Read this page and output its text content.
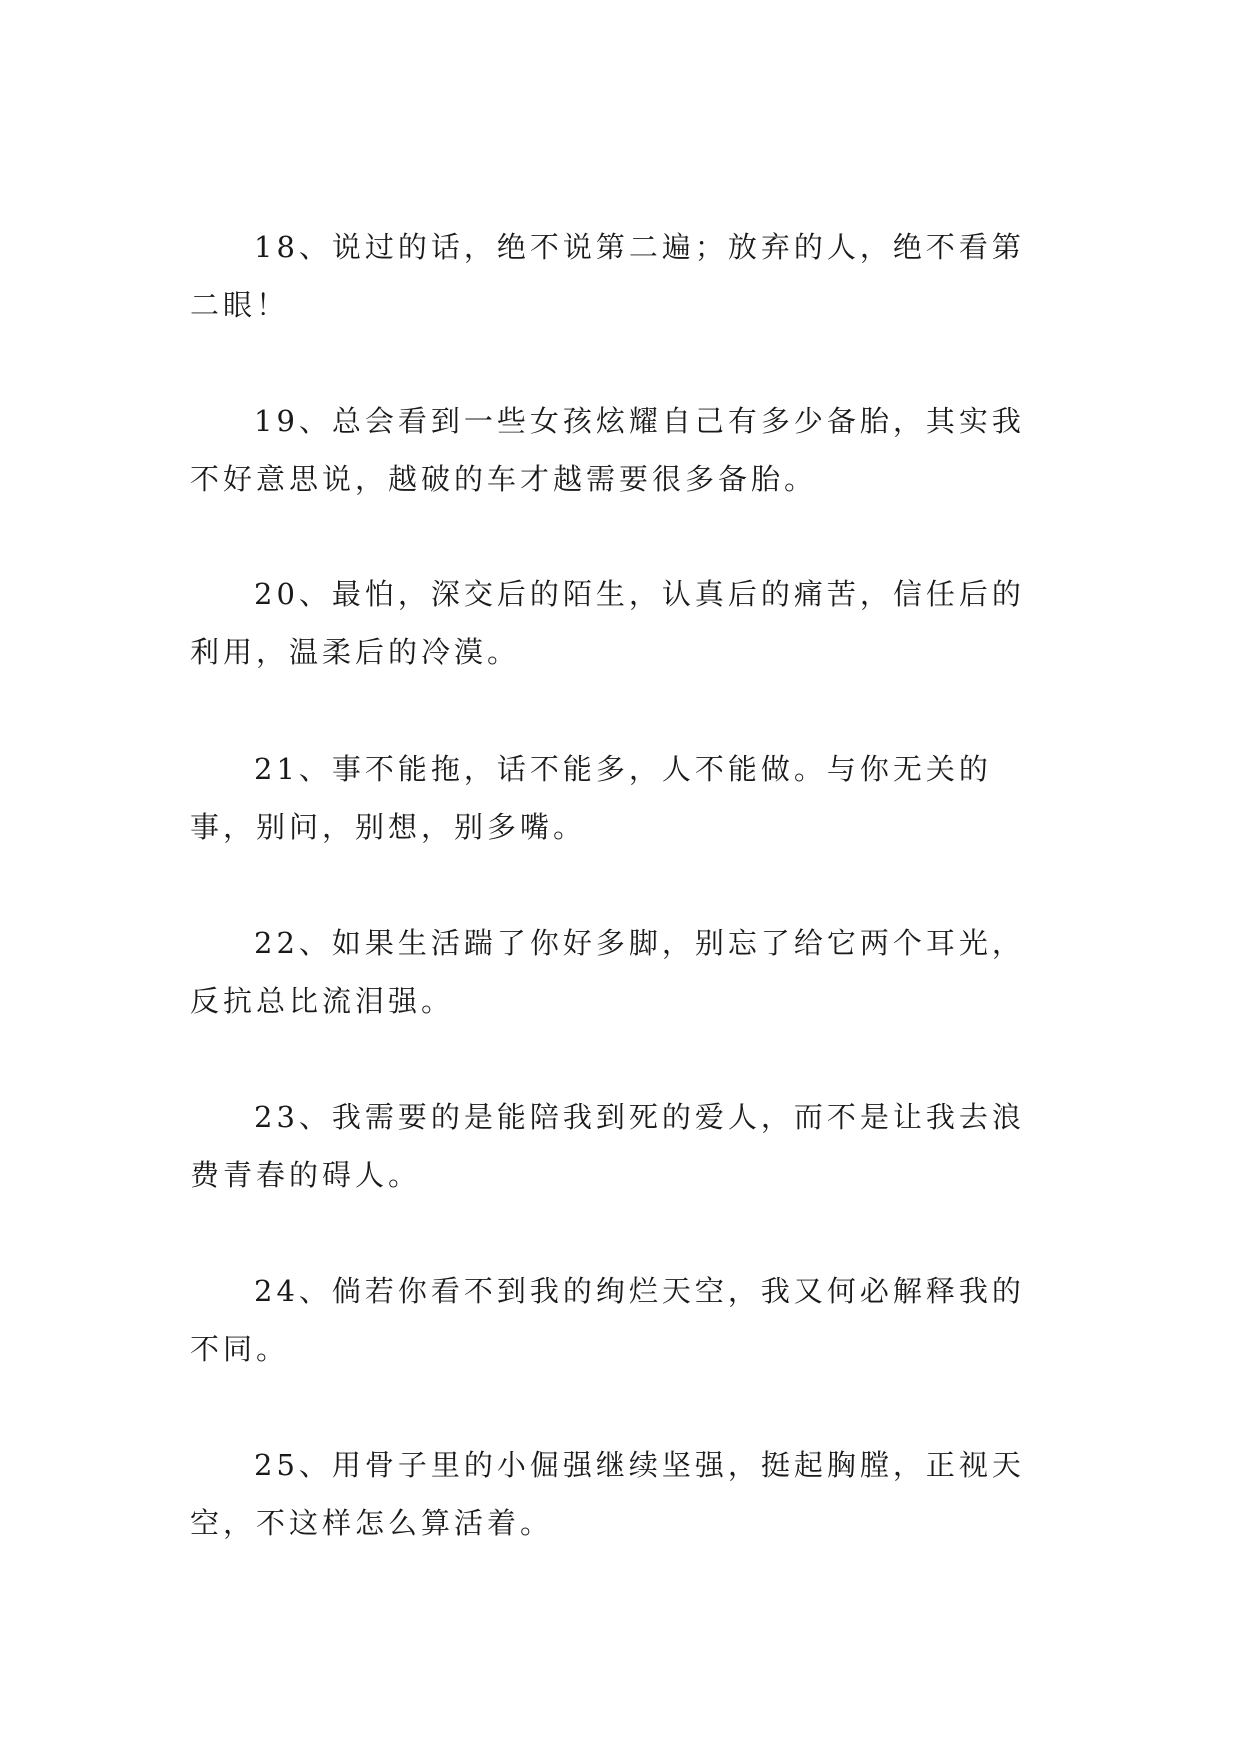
18、说过的话，绝不说第二遍；放弃的人，绝不看第二眼！

19、总会看到一些女孩炫耀自己有多少备胎，其实我不好意思说，越破的车才越需要很多备胎。

20、最怕，深交后的陌生，认真后的痛苦，信任后的利用，温柔后的冷漠。

21、事不能拖，话不能多，人不能做。与你无关的事，别问，别想，别多嘴。

22、如果生活踹了你好多脚，别忘了给它两个耳光，反抗总比流泪强。

23、我需要的是能陪我到死的爱人，而不是让我去浪费青春的碍人。

24、倘若你看不到我的绚烂天空，我又何必解释我的不同。

25、用骨子里的小倔强继续坚强，挺起胸膛，正视天空，不这样怎么算活着。
